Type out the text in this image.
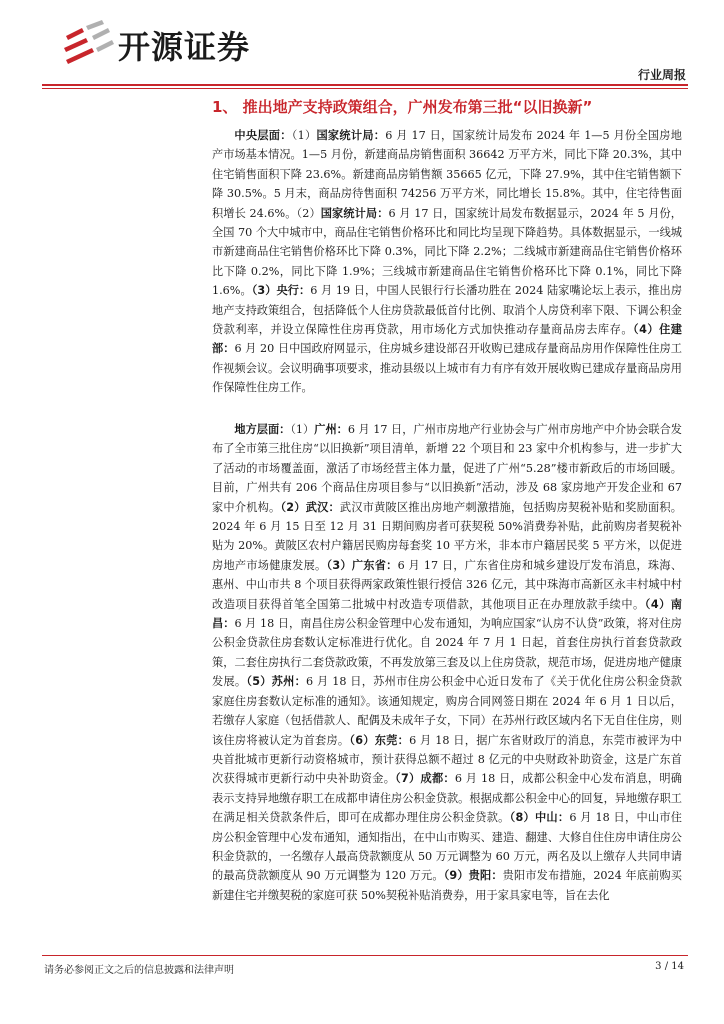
开源证券
行业周报
1、 推出地产支持政策组合，广州发布第三批“以旧换新”

中央层面：（1）国家统计局：6 月 17 日，国家统计局发布 2024 年 1—5 月份全国房地产市场基本情况。1—5 月份，新建商品房销售面积 36642 万平方米，同比下降 20.3%，其中住宅销售面积下降 23.6%。新建商品房销售额 35665 亿元，下降 27.9%，其中住宅销售额下降 30.5%。5 月末，商品房待售面积 74256 万平方米，同比增长 15.8%。其中，住宅待售面积增长 24.6%。（2）国家统计局：6 月 17 日，国家统计局发布数据显示，2024 年 5 月份，全国 70 个大中城市中，商品住宅销售价格环比和同比均呈现下降趋势。具体数据显示，一线城市新建商品住宅销售价格环比下降 0.3%，同比下降 2.2%；二线城市新建商品住宅销售价格环比下降 0.2%，同比下降 1.9%；三线城市新建商品住宅销售价格环比下降 0.1%，同比下降 1.6%。（3）央行：6 月 19 日，中国人民银行行长潘功胜在 2024 陆家嘴论坛上表示，推出房地产支持政策组合，包括降低个人住房贷款最低首付比例、取消个人房贷利率下限、下调公积金贷款利率，并设立保障性住房再贷款，用市场化方式加快推动存量商品房去库存。（4）住建部：6 月 20 日中国政府网显示，住房城乡建设部召开收购已建成存量商品房用作保障性住房工作视频会议。会议明确事项要求，推动县级以上城市有力有序有效开展收购已建成存量商品房用作保障性住房工作。

地方层面：（1）广州：6 月 17 日，广州市房地产行业协会与广州市房地产中介协会联合发布了全市第三批住房“以旧换新”项目清单，新增 22 个项目和 23 家中介机构参与，进一步扩大了活动的市场覆盖面，激活了市场经营主体力量，促进了广州“5.28”楼市新政后的市场回暖。目前，广州共有 206 个商品住房项目参与“以旧换新”活动，涉及 68 家房地产开发企业和 67 家中介机构。（2）武汉：武汉市黄陂区推出房地产刺激措施，包括购房契税补贴和奖励面积。2024 年 6 月 15 日至 12 月 31 日期间购房者可获契税 50%消费券补贴，此前购房者契税补贴为 20%。黄陂区农村户籍居民购房每套奖 10 平方米，非本市户籍居民奖 5 平方米，以促进房地产市场健康发展。（3）广东省：6 月 17 日，广东省住房和城乡建设厅发布消息，珠海、惠州、中山市共 8 个项目获得两家政策性银行授信 326 亿元，其中珠海市高新区永丰村城中村改造项目获得首笔全国第二批城中村改造专项借款，其他项目正在办理放款手续中。（4）南昌：6 月 18 日，南昌住房公积金管理中心发布通知，为响应国家“认房不认贷”政策，将对住房公积金贷款住房套数认定标准进行优化。自 2024 年 7 月 1 日起，首套住房执行首套贷款政策，二套住房执行二套贷款政策，不再发放第三套及以上住房贷款，规范市场，促进房地产健康发展。（5）苏州：6 月 18 日，苏州市住房公积金中心近日发布了《关于优化住房公积金贷款家庭住房套数认定标准的通知》。该通知规定，购房合同网签日期在 2024 年 6 月 1 日以后，若缴存人家庭（包括借款人、配偶及未成年子女，下同）在苏州行政区域内名下无自住住房，则该住房将被认定为首套房。（6）东莞：6 月 18 日，据广东省财政厅的消息，东莞市被评为中央首批城市更新行动资格城市，预计获得总额不超过 8 亿元的中央财政补助资金，这是广东首次获得城市更新行动中央补助资金。（7）成都：6 月 18 日，成都公积金中心发布消息，明确表示支持异地缴存职工在成都申请住房公积金贷款。根据成都公积金中心的回复，异地缴存职工在满足相关贷款条件后，即可在成都办理住房公积金贷款。（8）中山：6 月 18 日，中山市住房公积金管理中心发布通知，通知指出，在中山市购买、建造、翻建、大修自住住房申请住房公积金贷款的，一名缴存人最高贷款额度从 50 万元调整为 60 万元，两名及以上缴存人共同申请的最高贷款额度从 90 万元调整为 120 万元。（9）贵阳：贵阳市发布措施，2024 年底前购买新建住宅并缴契税的家庭可获 50%契税补贴消费券，用于家具家电等，旨在去化

请务必参阅正文之后的信息披露和法律声明	3 / 14
